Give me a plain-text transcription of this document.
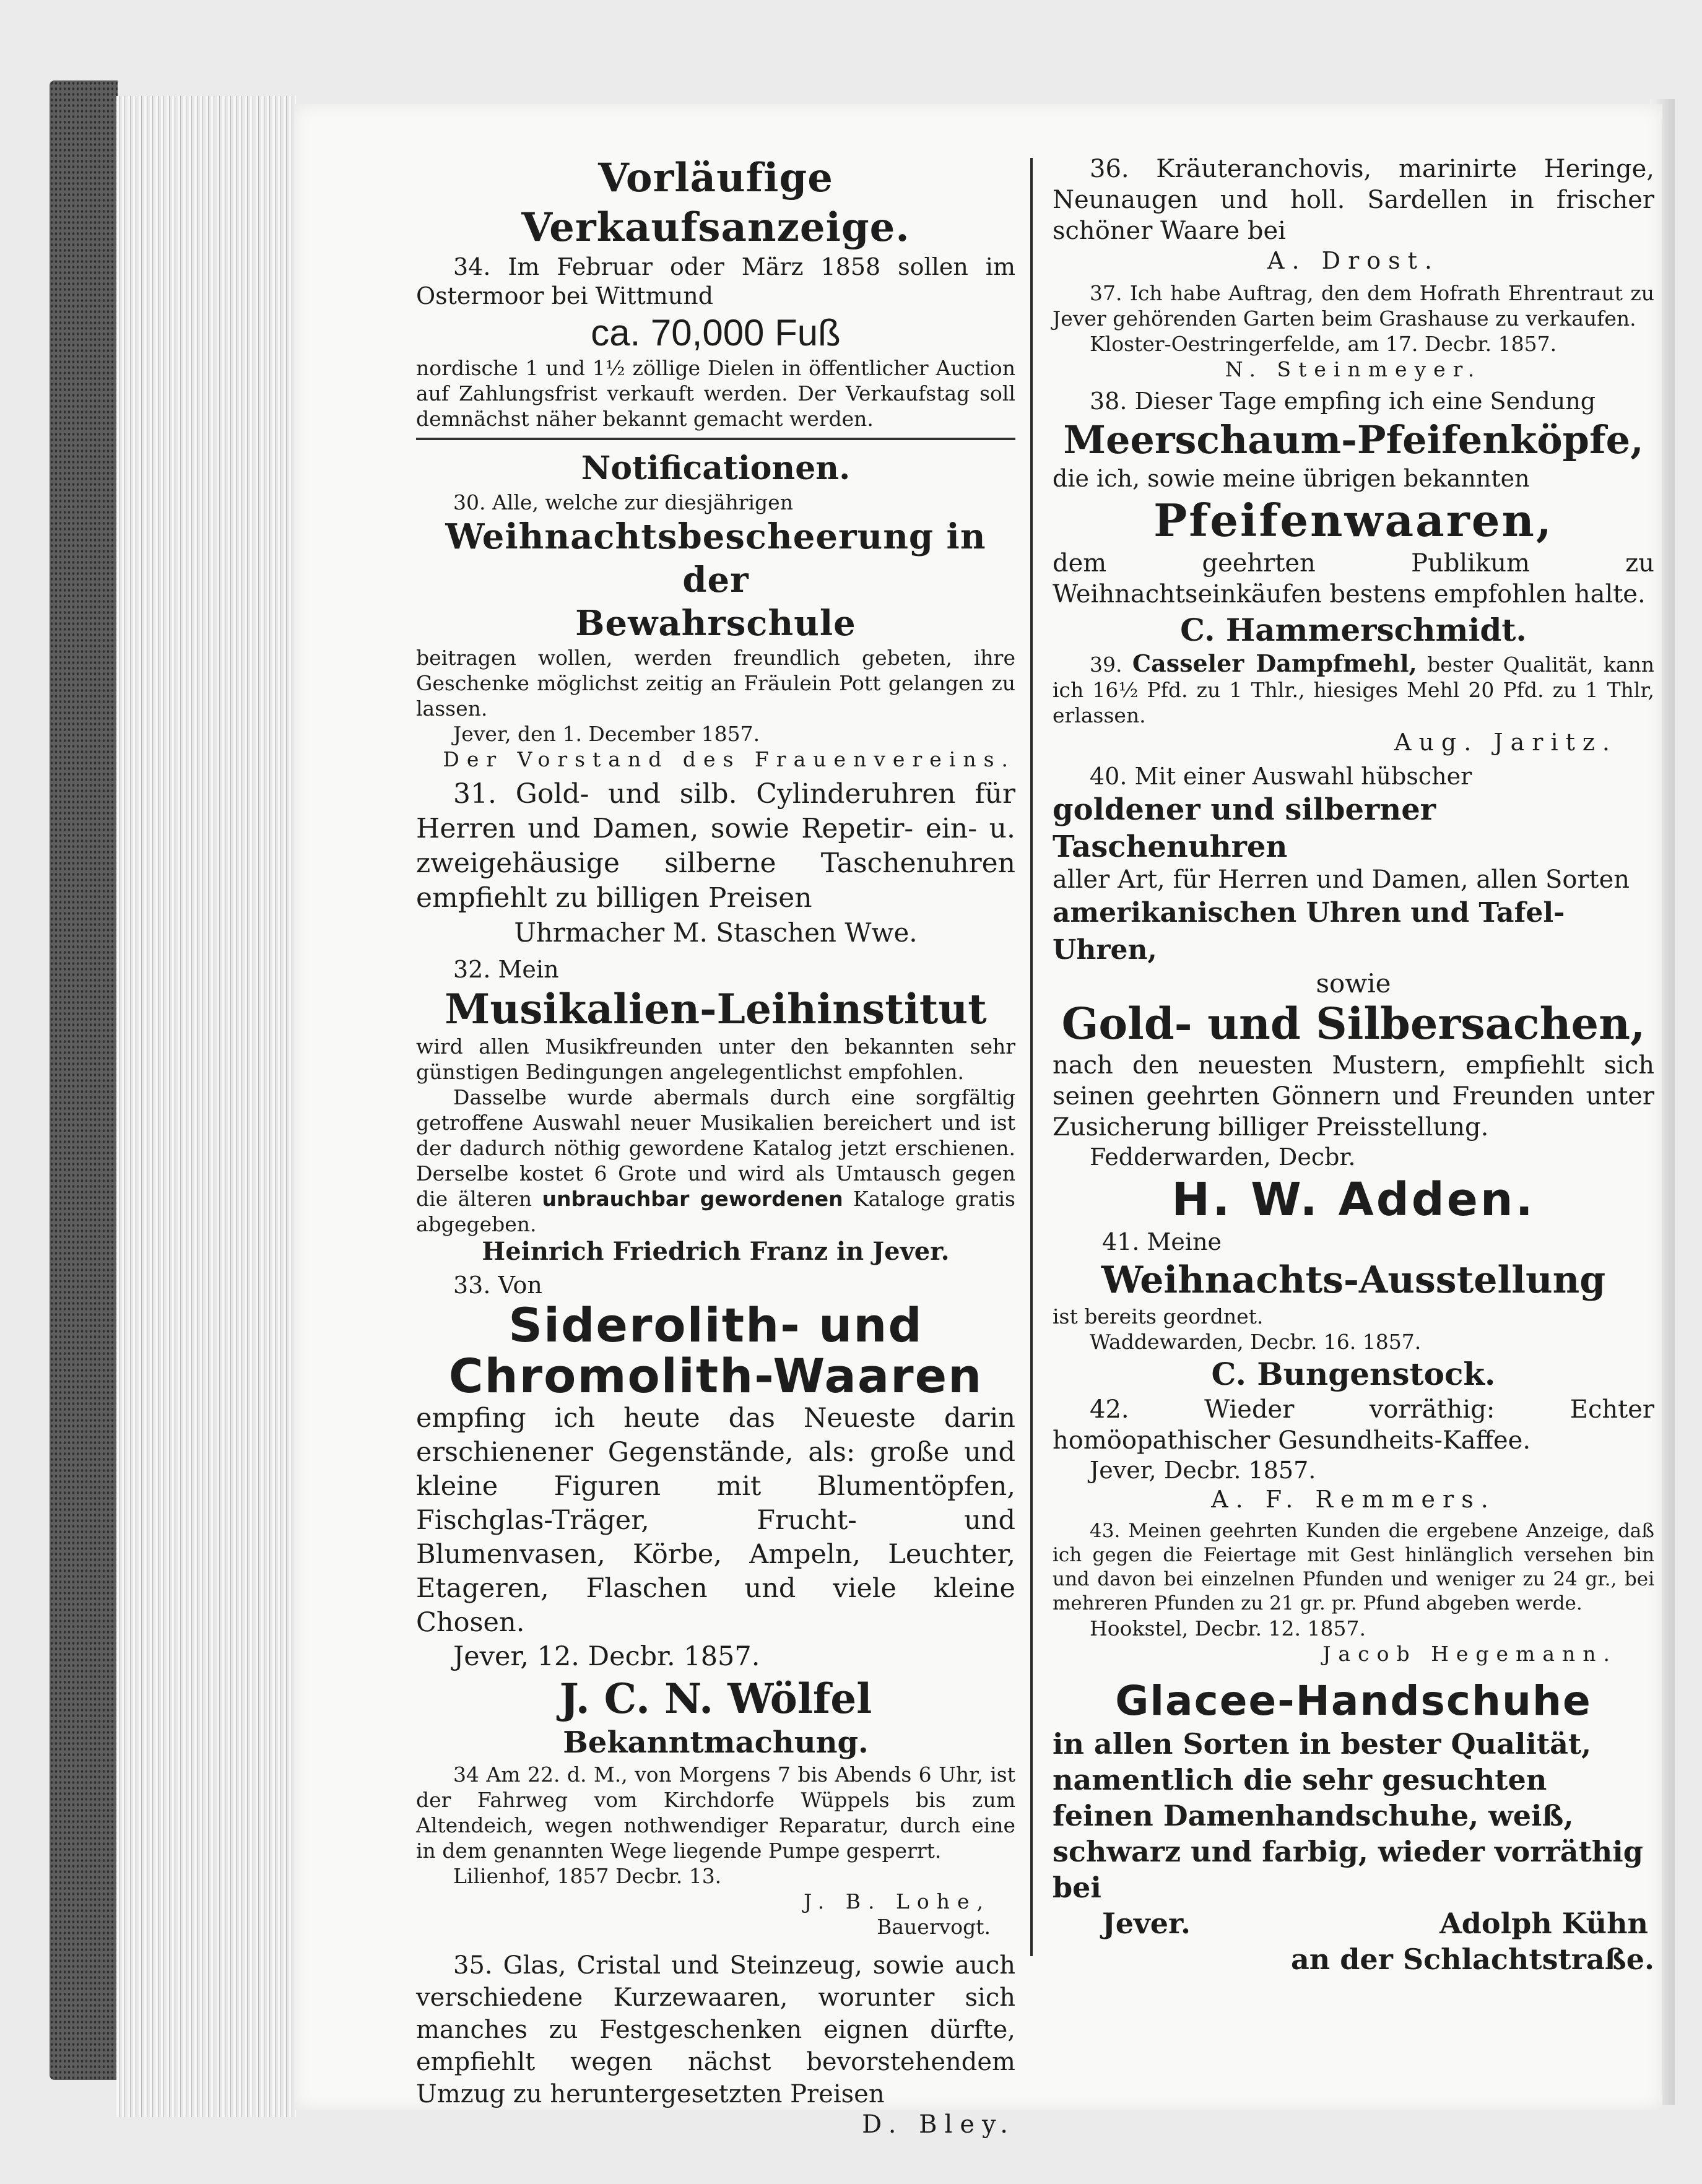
Vorläufige Verkaufsanzeige.
34. Im Februar oder März 1858 sollen im Ostermoor bei Wittmund
ca. 70,000 Fuß
nordische 1 und 1½ zöllige Dielen in öffentlicher Auction auf Zahlungsfrist verkauft werden. Der Verkaufstag soll demnächst näher bekannt gemacht werden.
Notificationen.
30. Alle, welche zur diesjährigen
Weihnachtsbescheerung in der
Bewahrschule
beitragen wollen, werden freundlich gebeten, ihre Geschenke möglichst zeitig an Fräulein Pott gelangen zu lassen.
Jever, den 1. December 1857.
Der Vorstand des Frauenvereins.
31. Gold- und silb. Cylinderuhren für Herren und Damen, sowie Repetir- ein- u. zweigehäusige silberne Taschenuhren empfiehlt zu billigen Preisen
Uhrmacher M. Staschen Wwe.
32. Mein
Musikalien-Leihinstitut
wird allen Musikfreunden unter den bekannten sehr günstigen Bedingungen angelegentlichst empfohlen.
Dasselbe wurde abermals durch eine sorgfältig getroffene Auswahl neuer Musikalien bereichert und ist der dadurch nöthig gewordene Katalog jetzt erschienen. Derselbe kostet 6 Grote und wird als Umtausch gegen die älteren unbrauchbar gewordenen Kataloge gratis abgegeben.
Heinrich Friedrich Franz in Jever.
33. Von
Siderolith- und
Chromolith-Waaren
empfing ich heute das Neueste darin erschienener Gegenstände, als: große und kleine Figuren mit Blumentöpfen, Fischglas-Träger, Frucht- und Blumenvasen, Körbe, Ampeln, Leuchter, Etageren, Flaschen und viele kleine Chosen.
Jever, 12. Decbr. 1857.
J. C. N. Wölfel
Bekanntmachung.
34 Am 22. d. M., von Morgens 7 bis Abends 6 Uhr, ist der Fahrweg vom Kirchdorfe Wüppels bis zum Altendeich, wegen nothwendiger Reparatur, durch eine in dem genannten Wege liegende Pumpe gesperrt.
Lilienhof, 1857 Decbr. 13.
J. B. Lohe,
Bauervogt.
35. Glas, Cristal und Steinzeug, sowie auch verschiedene Kurzewaaren, worunter sich manches zu Festgeschenken eignen dürfte, empfiehlt wegen nächst bevorstehendem Umzug zu heruntergesetzten Preisen
D. Bley.
36. Kräuteranchovis, marinirte Heringe, Neunaugen und holl. Sardellen in frischer schöner Waare bei
A. Drost.
37. Ich habe Auftrag, den dem Hofrath Ehrentraut zu Jever gehörenden Garten beim Grashause zu verkaufen.
Kloster-Oestringerfelde, am 17. Decbr. 1857.
N. Steinmeyer.
38. Dieser Tage empfing ich eine Sendung
Meerschaum-Pfeifenköpfe,
die ich, sowie meine übrigen bekannten
Pfeifenwaaren,
dem geehrten Publikum zu Weihnachtseinkäufen bestens empfohlen halte.
C. Hammerschmidt.
39. Casseler Dampfmehl, bester Qualität, kann ich 16½ Pfd. zu 1 Thlr., hiesiges Mehl 20 Pfd. zu 1 Thlr, erlassen.
Aug. Jaritz.
40. Mit einer Auswahl hübscher
goldener und silberner Taschenuhren
aller Art, für Herren und Damen, allen Sorten
amerikanischen Uhren und Tafel-Uhren,
sowie
Gold- und Silbersachen,
nach den neuesten Mustern, empfiehlt sich seinen geehrten Gönnern und Freunden unter Zusicherung billiger Preisstellung.
Fedderwarden, Decbr.
H. W. Adden.
41. Meine
Weihnachts-Ausstellung
ist bereits geordnet.
Waddewarden, Decbr. 16. 1857.
C. Bungenstock.
42. Wieder vorräthig: Echter homöopathischer Gesundheits-Kaffee.
Jever, Decbr. 1857.
A. F. Remmers.
43. Meinen geehrten Kunden die ergebene Anzeige, daß ich gegen die Feiertage mit Gest hinlänglich versehen bin und davon bei einzelnen Pfunden und weniger zu 24 gr., bei mehreren Pfunden zu 21 gr. pr. Pfund abgeben werde.
Hookstel, Decbr. 12. 1857.
Jacob Hegemann.
Glacee-Handschuhe
in allen Sorten in bester Qualität, namentlich die sehr gesuchten feinen Damenhandschuhe, weiß, schwarz und farbig, wieder vorräthig bei
Jever.	Adolph Kühn
an der Schlachtstraße.
